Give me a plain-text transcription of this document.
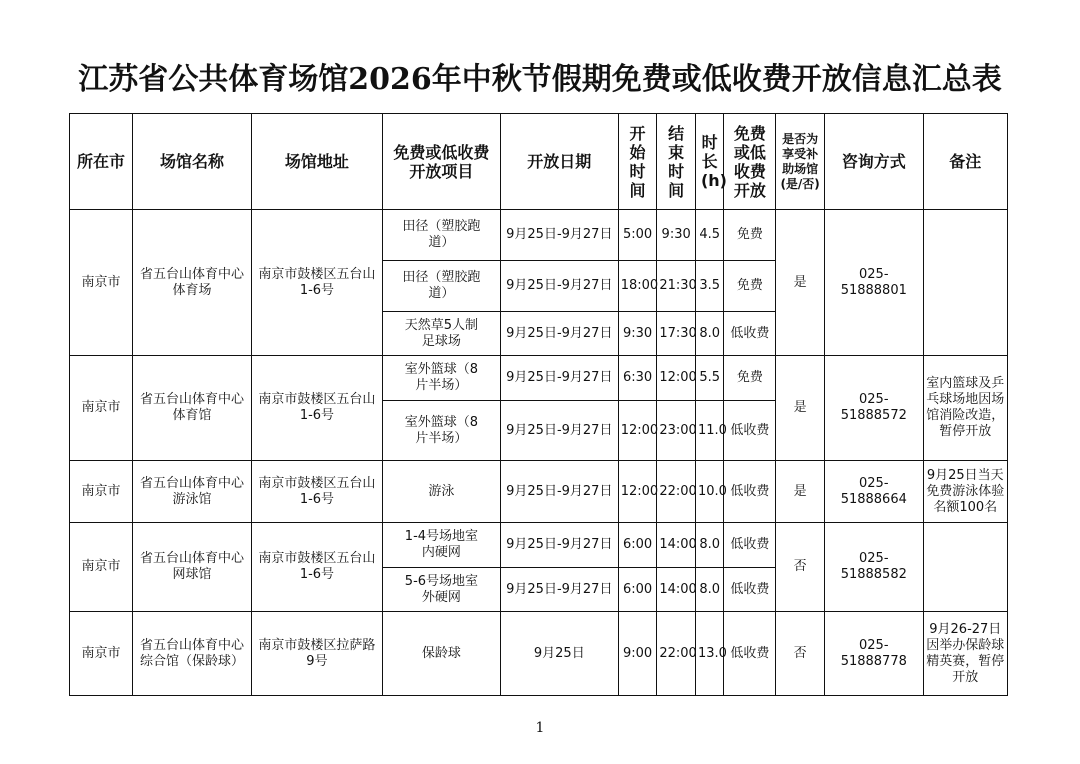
江苏省公共体育场馆2026年中秋节假期免费或低收费开放信息汇总表
所在市	场馆名称	场馆地址	免费或低收费开放项目	开放日期	开始时间	结束时间	时长(h)	免费或低收费开放	是否为享受补助场馆(是/否)	咨询方式	备注
南京市	省五台山体育中心体育场	南京市鼓楼区五台山1-6号	田径（塑胶跑道）	9月25日-9月27日	5:00	9:30	4.5	免费	是	025-51888801	
			田径（塑胶跑道）	9月25日-9月27日	18:00	21:30	3.5	免费			
			天然草5人制足球场	9月25日-9月27日	9:30	17:30	8.0	低收费			
南京市	省五台山体育中心体育馆	南京市鼓楼区五台山1-6号	室外篮球（8片半场）	9月25日-9月27日	6:30	12:00	5.5	免费	是	025-51888572	室内篮球及乒乓球场地因场馆消险改造，暂停开放
			室外篮球（8片半场）	9月25日-9月27日	12:00	23:00	11.0	低收费			
南京市	省五台山体育中心游泳馆	南京市鼓楼区五台山1-6号	游泳	9月25日-9月27日	12:00	22:00	10.0	低收费	是	025-51888664	9月25日当天免费游泳体验名额100名
南京市	省五台山体育中心网球馆	南京市鼓楼区五台山1-6号	1-4号场地室内硬网	9月25日-9月27日	6:00	14:00	8.0	低收费	否	025-51888582	
			5-6号场地室外硬网	9月25日-9月27日	6:00	14:00	8.0	低收费			
南京市	省五台山体育中心综合馆（保龄球）	南京市鼓楼区拉萨路9号	保龄球	9月25日	9:00	22:00	13.0	低收费	否	025-51888778	9月26-27日因举办保龄球精英赛，暂停开放
1
